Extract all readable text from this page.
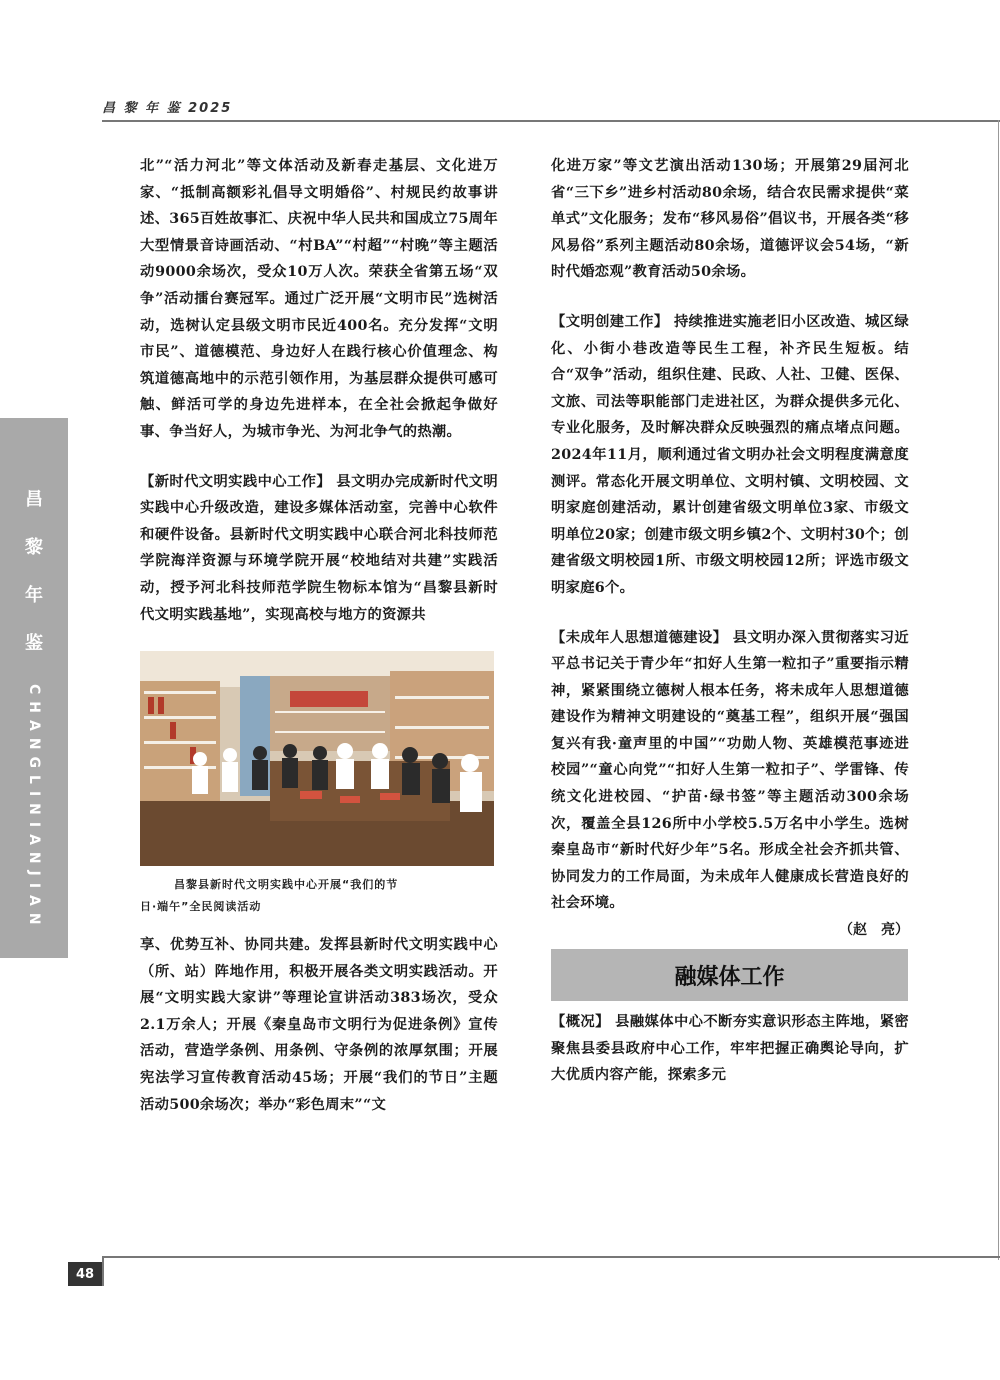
昌 黎 年 鉴 2025
昌
黎
年
鉴
CHANGLINIANJIAN

北”“活力河北”等文体活动及新春走基层、文化进万家、“抵制高额彩礼倡导文明婚俗”、村规民约故事讲述、365百姓故事汇、庆祝中华人民共和国成立75周年大型情景音诗画活动、“村BA”“村超”“村晚”等主题活动9000余场次，受众10万人次。荣获全省第五场“双争”活动擂台赛冠军。通过广泛开展“文明市民”选树活动，选树认定县级文明市民近400名。充分发挥“文明市民”、道德模范、身边好人在践行核心价值理念、构筑道德高地中的示范引领作用，为基层群众提供可感可触、鲜活可学的身边先进样本，在全社会掀起争做好事、争当好人，为城市争光、为河北争气的热潮。

【新时代文明实践中心工作】 县文明办完成新时代文明实践中心升级改造，建设多媒体活动室，完善中心软件和硬件设备。县新时代文明实践中心联合河北科技师范学院海洋资源与环境学院开展“校地结对共建”实践活动，授予河北科技师范学院生物标本馆为“昌黎县新时代文明实践基地”，实现高校与地方的资源共

昌黎县新时代文明实践中心开展“我们的节
日·端午”全民阅读活动

享、优势互补、协同共建。发挥县新时代文明实践中心（所、站）阵地作用，积极开展各类文明实践活动。开展“文明实践大家讲”等理论宣讲活动383场次，受众2.1万余人；开展《秦皇岛市文明行为促进条例》宣传活动，营造学条例、用条例、守条例的浓厚氛围；开展宪法学习宣传教育活动45场；开展“我们的节日”主题活动500余场次；举办“彩色周末”“文

化进万家”等文艺演出活动130场；开展第29届河北省“三下乡”进乡村活动80余场，结合农民需求提供“菜单式”文化服务；发布“移风易俗”倡议书，开展各类“移风易俗”系列主题活动80余场，道德评议会54场，“新时代婚恋观”教育活动50余场。

【文明创建工作】 持续推进实施老旧小区改造、城区绿化、小街小巷改造等民生工程，补齐民生短板。结合“双争”活动，组织住建、民政、人社、卫健、医保、文旅、司法等职能部门走进社区，为群众提供多元化、专业化服务，及时解决群众反映强烈的痛点堵点问题。2024年11月，顺利通过省文明办社会文明程度满意度测评。常态化开展文明单位、文明村镇、文明校园、文明家庭创建活动，累计创建省级文明单位3家、市级文明单位20家；创建市级文明乡镇2个、文明村30个；创建省级文明校园1所、市级文明校园12所；评选市级文明家庭6个。

【未成年人思想道德建设】 县文明办深入贯彻落实习近平总书记关于青少年“扣好人生第一粒扣子”重要指示精神，紧紧围绕立德树人根本任务，将未成年人思想道德建设作为精神文明建设的“奠基工程”，组织开展“强国复兴有我·童声里的中国”“功勋人物、英雄模范事迹进校园”“童心向党”“扣好人生第一粒扣子”、学雷锋、传统文化进校园、“护苗·绿书签”等主题活动300余场次，覆盖全县126所中小学校5.5万名中小学生。选树秦皇岛市“新时代好少年”5名。形成全社会齐抓共管、协同发力的工作局面，为未成年人健康成长营造良好的社会环境。

（赵　亮）
融媒体工作

【概况】 县融媒体中心不断夯实意识形态主阵地，紧密聚焦县委县政府中心工作，牢牢把握正确舆论导向，扩大优质内容产能，探索多元

48
